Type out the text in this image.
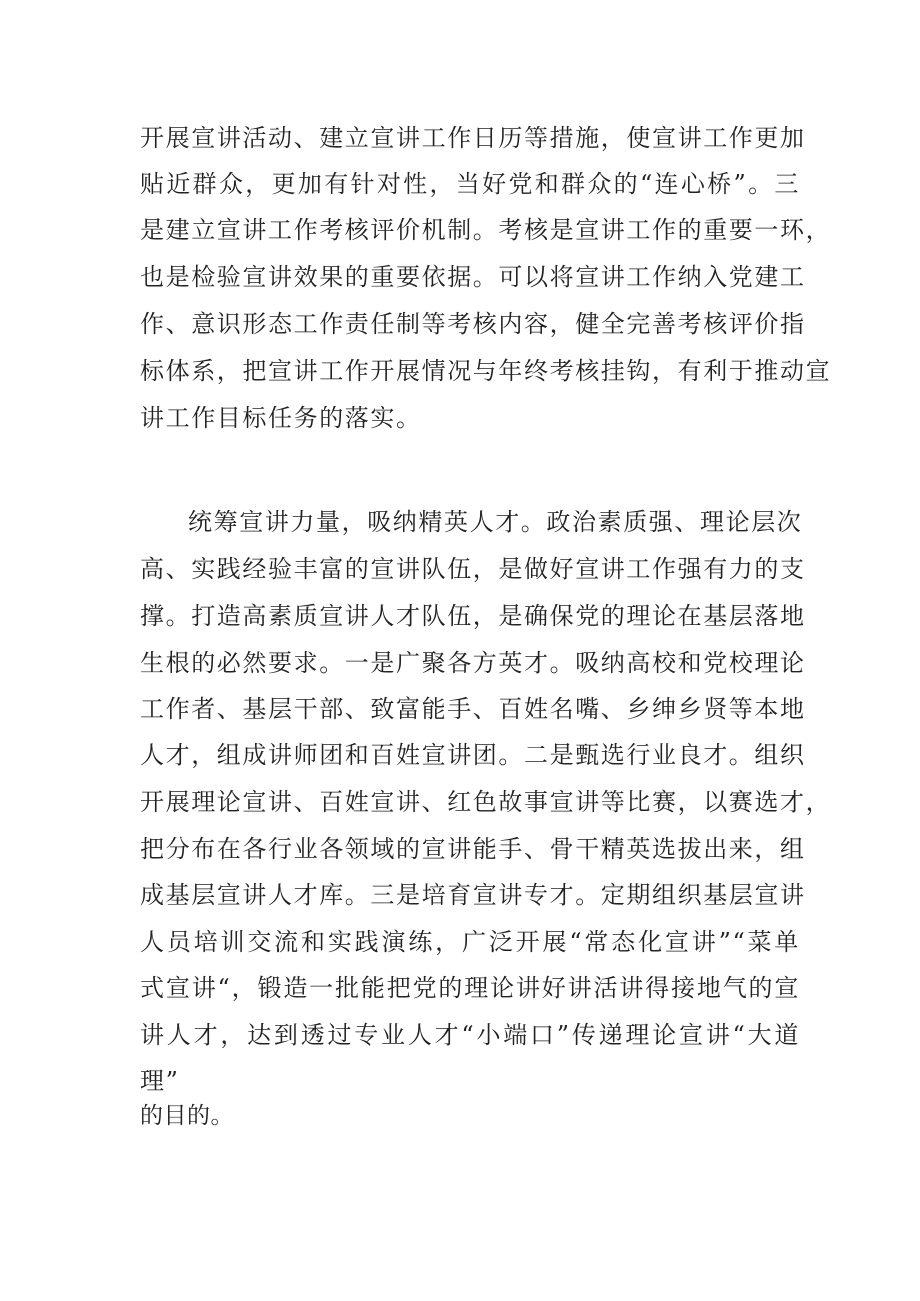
开展宣讲活动、建立宣讲工作日历等措施，使宣讲工作更加
贴近群众，更加有针对性，当好党和群众的“连心桥”。三
是建立宣讲工作考核评价机制。考核是宣讲工作的重要一环，
也是检验宣讲效果的重要依据。可以将宣讲工作纳入党建工
作、意识形态工作责任制等考核内容，健全完善考核评价指
标体系，把宣讲工作开展情况与年终考核挂钩，有利于推动宣
讲工作目标任务的落实。
统筹宣讲力量，吸纳精英人才。政治素质强、理论层次
高、实践经验丰富的宣讲队伍，是做好宣讲工作强有力的支
撑。打造高素质宣讲人才队伍，是确保党的理论在基层落地
生根的必然要求。一是广聚各方英才。吸纳高校和党校理论
工作者、基层干部、致富能手、百姓名嘴、乡绅乡贤等本地
人才，组成讲师团和百姓宣讲团。二是甄选行业良才。组织
开展理论宣讲、百姓宣讲、红色故事宣讲等比赛，以赛选才，
把分布在各行业各领域的宣讲能手、骨干精英选拔出来，组
成基层宣讲人才库。三是培育宣讲专才。定期组织基层宣讲
人员培训交流和实践演练，广泛开展“常态化宣讲”“菜单
式宣讲“，锻造一批能把党的理论讲好讲活讲得接地气的宣
讲人才，达到透过专业人才“小端口”传递理论宣讲“大道
理”
的目的。
